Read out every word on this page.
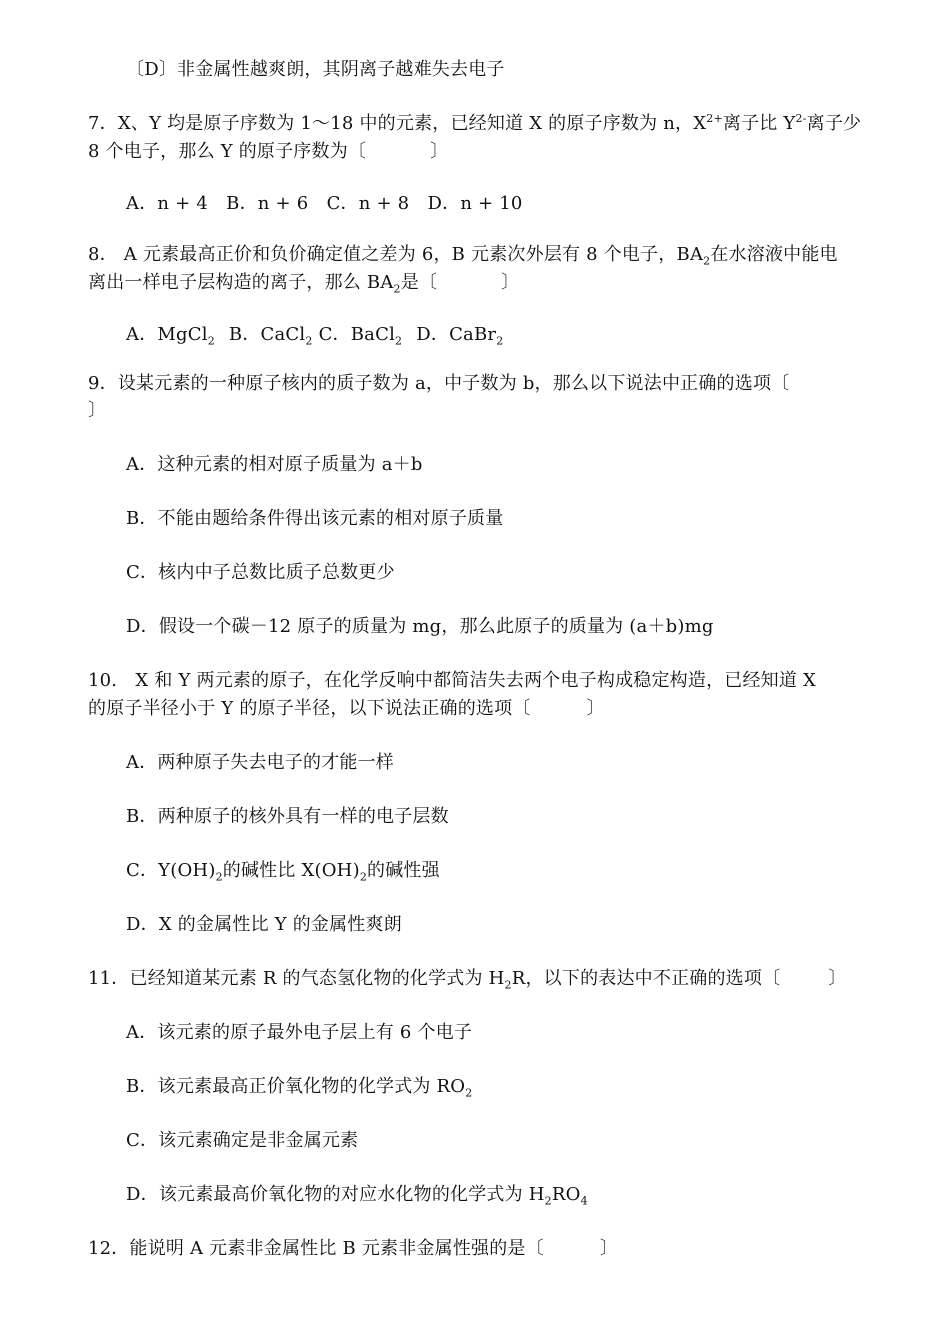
〔D〕非金属性越爽朗，其阴离子越难失去电子
7．X、Y 均是原子序数为 1～18 中的元素，已经知道 X 的原子序数为 n，$X^{2+}$离子比 $Y^{2-}$离子少
8 个电子，那么 Y 的原子序数为〔	〕
A．n + 4　B．n + 6　C．n + 8　D．n + 10
8． A 元素最高正价和负价确定值之差为 6，B 元素次外层有 8 个电子，$BA_2$在水溶液中能电
离出一样电子层构造的离子，那么 $BA_2$是〔	〕
A．MgCl$_2$ B．CaCl$_2$ C．BaCl$_2$ D．CaBr$_2$
9．设某元素的一种原子核内的质子数为 a，中子数为 b，那么以下说法中正确的选项〔
〕
A．这种元素的相对原子质量为 a＋b
B．不能由题给条件得出该元素的相对原子质量
C．核内中子总数比质子总数更少
D．假设一个碳－12 原子的质量为 mg，那么此原子的质量为 (a＋b)mg
10.　X 和 Y 两元素的原子，在化学反响中都简洁失去两个电子构成稳定构造，已经知道 X
的原子半径小于 Y 的原子半径，以下说法正确的选项〔	〕
A．两种原子失去电子的才能一样
B．两种原子的核外具有一样的电子层数
C．$Y(OH)_2$的碱性比 $X(OH)_2$的碱性强
D．X 的金属性比 Y 的金属性爽朗
11．已经知道某元素 R 的气态氢化物的化学式为 $H_2R$，以下的表达中不正确的选项〔	〕
A．该元素的原子最外电子层上有 6 个电子
B．该元素最高正价氧化物的化学式为 $RO_2$
C．该元素确定是非金属元素
D．该元素最高价氧化物的对应水化物的化学式为 $H_2RO_4$
12．能说明 A 元素非金属性比 B 元素非金属性强的是〔	〕
